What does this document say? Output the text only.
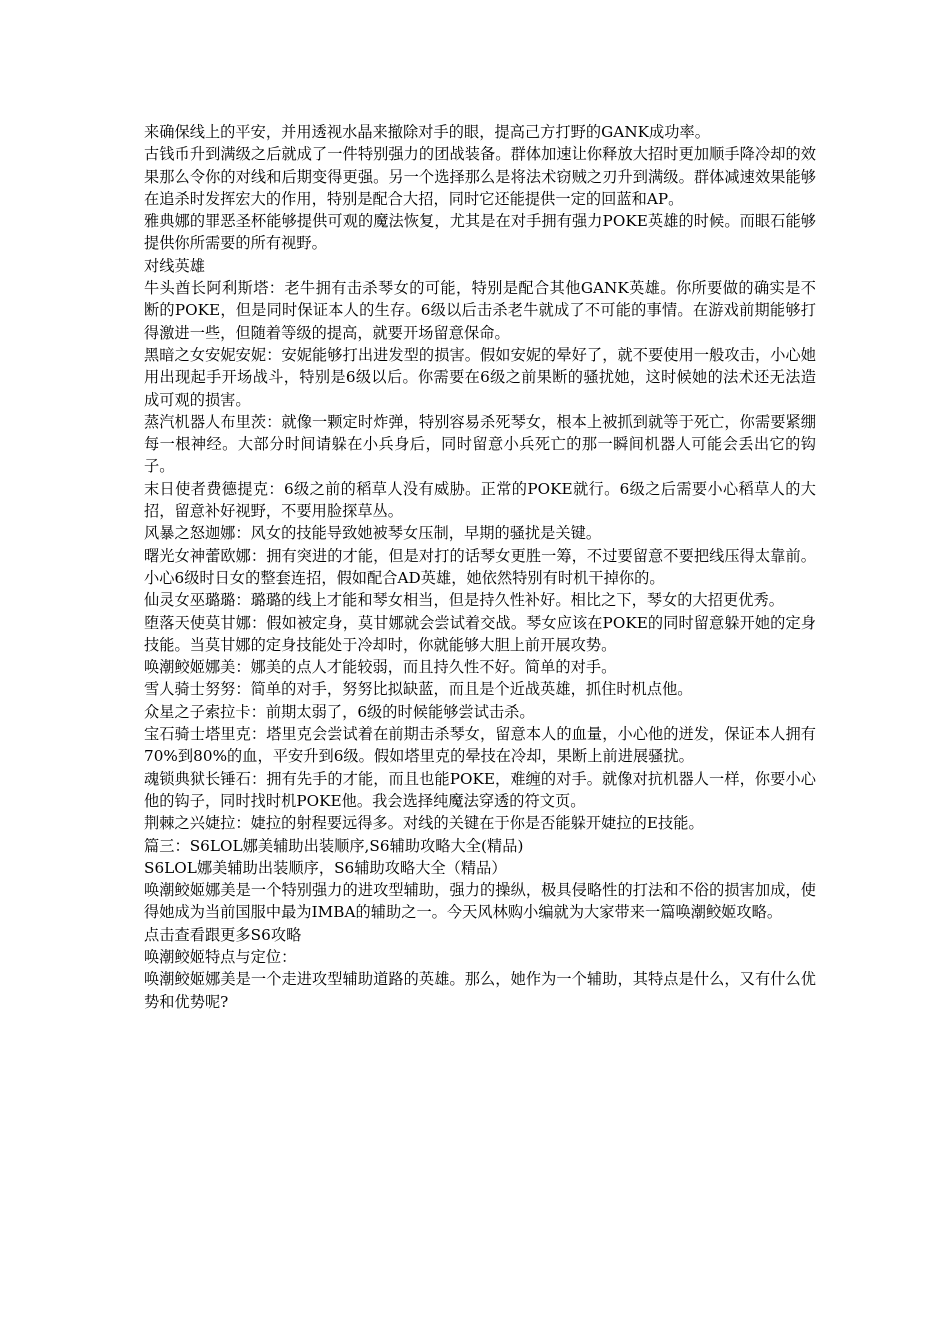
来确保线上的平安，并用透视水晶来撤除对手的眼，提高己方打野的GANK成功率。

古钱币升到满级之后就成了一件特别强力的团战装备。群体加速让你释放大招时更加顺手降冷却的效果那么令你的对线和后期变得更强。另一个选择那么是将法术窃贼之刃升到满级。群体减速效果能够在追杀时发挥宏大的作用，特别是配合大招，同时它还能提供一定的回蓝和AP。

雅典娜的罪恶圣杯能够提供可观的魔法恢复，尤其是在对手拥有强力POKE英雄的时候。而眼石能够提供你所需要的所有视野。

对线英雄

牛头酋长阿利斯塔：老牛拥有击杀琴女的可能，特别是配合其他GANK英雄。你所要做的确实是不断的POKE，但是同时保证本人的生存。6级以后击杀老牛就成了不可能的事情。在游戏前期能够打得激进一些，但随着等级的提高，就要开场留意保命。

黑暗之女安妮安妮：安妮能够打出进发型的损害。假如安妮的晕好了，就不要使用一般攻击，小心她用出现起手开场战斗，特别是6级以后。你需要在6级之前果断的骚扰她，这时候她的法术还无法造成可观的损害。

蒸汽机器人布里茨：就像一颗定时炸弹，特别容易杀死琴女，根本上被抓到就等于死亡，你需要紧绷每一根神经。大部分时间请躲在小兵身后，同时留意小兵死亡的那一瞬间机器人可能会丢出它的钩子。

末日使者费德提克：6级之前的稻草人没有威胁。正常的POKE就行。6级之后需要小心稻草人的大招，留意补好视野，不要用脸探草丛。

风暴之怒迦娜：风女的技能导致她被琴女压制，早期的骚扰是关键。

曙光女神蕾欧娜：拥有突进的才能，但是对打的话琴女更胜一筹，不过要留意不要把线压得太靠前。小心6级时日女的整套连招，假如配合AD英雄，她依然特别有时机干掉你的。

仙灵女巫璐璐：璐璐的线上才能和琴女相当，但是持久性补好。相比之下，琴女的大招更优秀。

堕落天使莫甘娜：假如被定身，莫甘娜就会尝试着交战。琴女应该在POKE的同时留意躲开她的定身技能。当莫甘娜的定身技能处于冷却时，你就能够大胆上前开展攻势。

唤潮鲛姬娜美：娜美的点人才能较弱，而且持久性不好。简单的对手。

雪人骑士努努：简单的对手，努努比拟缺蓝，而且是个近战英雄，抓住时机点他。

众星之子索拉卡：前期太弱了，6级的时候能够尝试击杀。

宝石骑士塔里克：塔里克会尝试着在前期击杀琴女，留意本人的血量，小心他的迸发，保证本人拥有70%到80%的血，平安升到6级。假如塔里克的晕技在冷却，果断上前进展骚扰。

魂锁典狱长锤石：拥有先手的才能，而且也能POKE，难缠的对手。就像对抗机器人一样，你要小心他的钩子，同时找时机POKE他。我会选择纯魔法穿透的符文页。

荆棘之兴婕拉：婕拉的射程要远得多。对线的关键在于你是否能躲开婕拉的E技能。

篇三：S6LOL娜美辅助出装顺序,S6辅助攻略大全(精品)

S6LOL娜美辅助出装顺序，S6辅助攻略大全（精品）

唤潮鲛姬娜美是一个特别强力的进攻型辅助，强力的操纵，极具侵略性的打法和不俗的损害加成，使得她成为当前国服中最为IMBA的辅助之一。今天风林购小编就为大家带来一篇唤潮鲛姬攻略。

点击查看跟更多S6攻略

唤潮鲛姬特点与定位：

唤潮鲛姬娜美是一个走进攻型辅助道路的英雄。那么，她作为一个辅助，其特点是什么，又有什么优势和优势呢?
